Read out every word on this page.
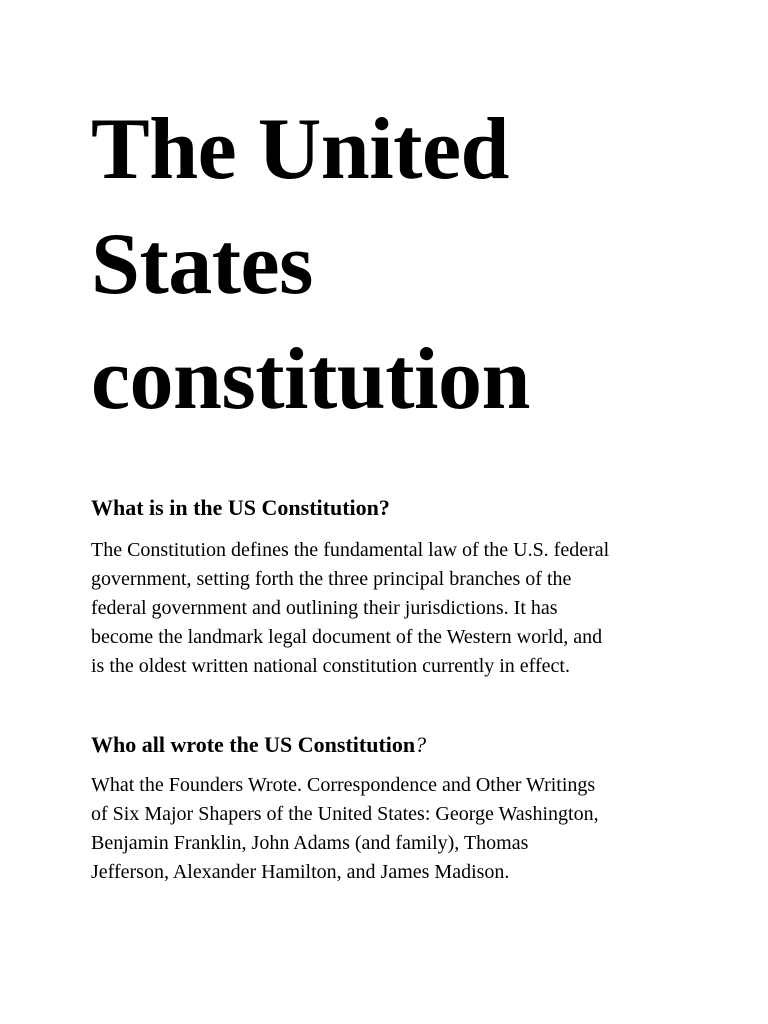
The United
States
constitution
What is in the US Constitution?
The Constitution defines the fundamental law of the U.S. federal
government, setting forth the three principal branches of the
federal government and outlining their jurisdictions. It has
become the landmark legal document of the Western world, and
is the oldest written national constitution currently in effect.
Who all wrote the US Constitution?
What the Founders Wrote. Correspondence and Other Writings
of Six Major Shapers of the United States: George Washington,
Benjamin Franklin, John Adams (and family), Thomas
Jefferson, Alexander Hamilton, and James Madison.
